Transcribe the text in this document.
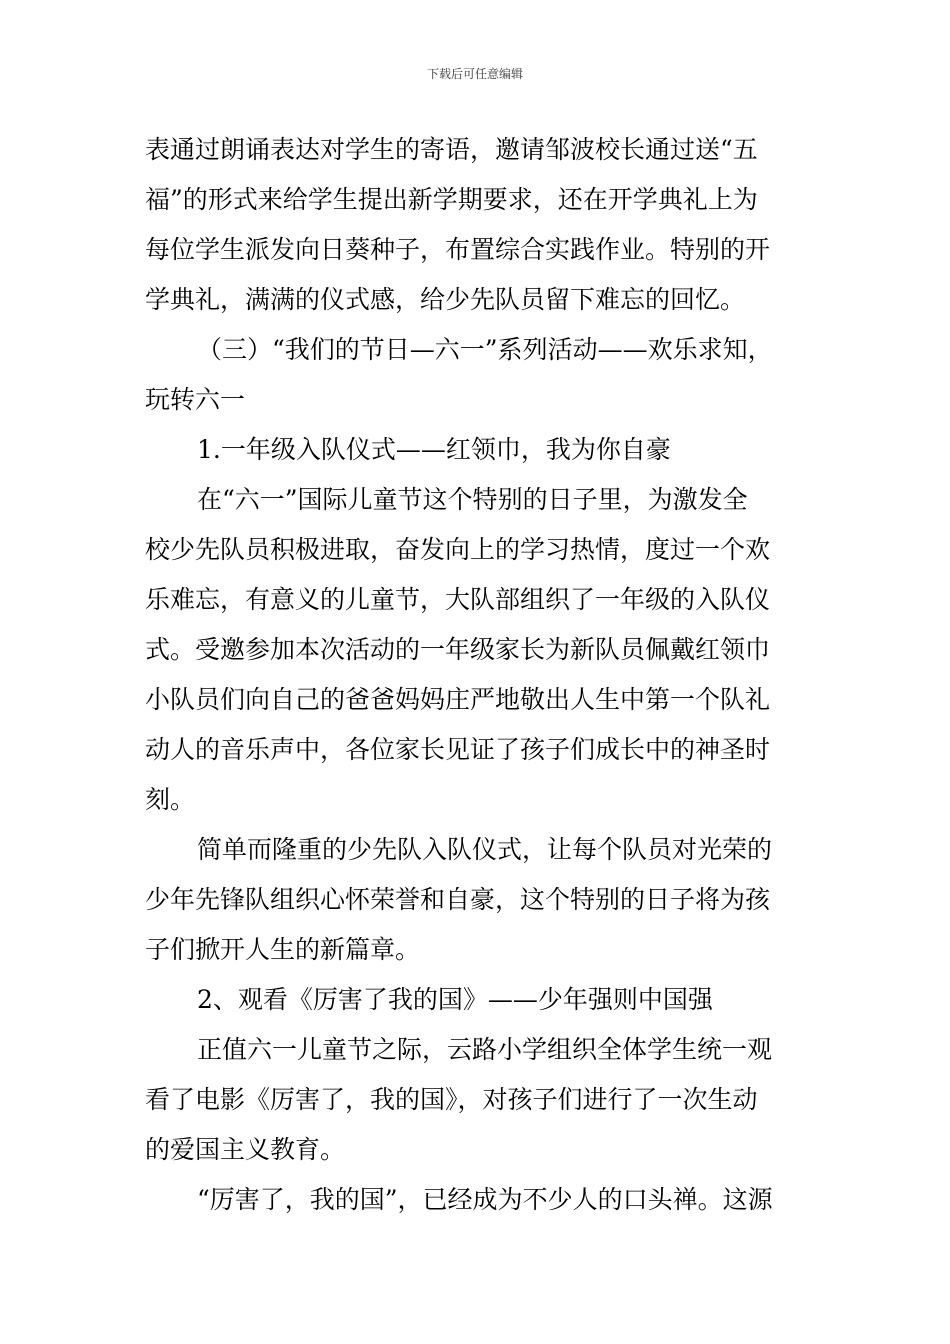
下载后可任意编辑
表通过朗诵表达对学生的寄语，邀请邹波校长通过送“五
福”的形式来给学生提出新学期要求，还在开学典礼上为
每位学生派发向日葵种子，布置综合实践作业。特别的开
学典礼，满满的仪式感，给少先队员留下难忘的回忆。
（三）“我们的节日—六一”系列活动——欢乐求知，
玩转六一
1.一年级入队仪式——红领巾，我为你自豪
在“六一”国际儿童节这个特别的日子里，为激发全
校少先队员积极进取，奋发向上的学习热情，度过一个欢
乐难忘，有意义的儿童节，大队部组织了一年级的入队仪
式。受邀参加本次活动的一年级家长为新队员佩戴红领巾
小队员们向自己的爸爸妈妈庄严地敬出人生中第一个队礼
动人的音乐声中，各位家长见证了孩子们成长中的神圣时
刻。
简单而隆重的少先队入队仪式，让每个队员对光荣的
少年先锋队组织心怀荣誉和自豪，这个特别的日子将为孩
子们掀开人生的新篇章。
2、观看《厉害了我的国》——少年强则中国强
正值六一儿童节之际，云路小学组织全体学生统一观
看了电影《厉害了，我的国》，对孩子们进行了一次生动
的爱国主义教育。
“厉害了，我的国”，已经成为不少人的口头禅。这源
